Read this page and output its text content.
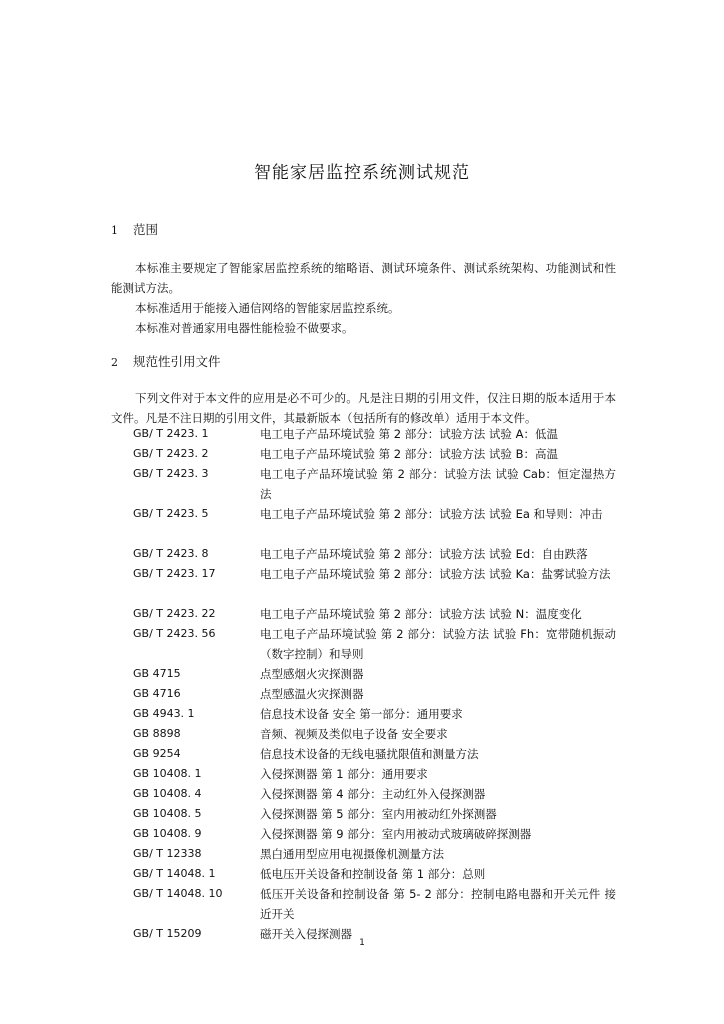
智能家居监控系统测试规范
1 范围
本标准主要规定了智能家居监控系统的缩略语、测试环境条件、测试系统架构、功能测试和性能测试方法。
本标准适用于能接入通信网络的智能家居监控系统。
本标准对普通家用电器性能检验不做要求。
2 规范性引用文件
下列文件对于本文件的应用是必不可少的。凡是注日期的引用文件，仅注日期的版本适用于本文件。凡是不注日期的引用文件，其最新版本（包括所有的修改单）适用于本文件。
GB/ T 2423. 1	电工电子产品环境试验 第 2 部分：试验方法 试验 A：低温
GB/ T 2423. 2	电工电子产品环境试验 第 2 部分：试验方法 试验 B：高温
GB/ T 2423. 3	电工电子产品环境试验 第 2 部分：试验方法 试验 Cab：恒定湿热方法
GB/ T 2423. 5	电工电子产品环境试验 第 2 部分：试验方法 试验 Ea 和导则：冲击
GB/ T 2423. 8	电工电子产品环境试验 第 2 部分：试验方法 试验 Ed：自由跌落
GB/ T 2423. 17	电工电子产品环境试验 第 2 部分：试验方法 试验 Ka：盐雾试验方法
GB/ T 2423. 22	电工电子产品环境试验 第 2 部分：试验方法 试验 N：温度变化
GB/ T 2423. 56	电工电子产品环境试验 第 2 部分：试验方法 试验 Fh：宽带随机振动（数字控制）和导则
GB 4715	点型感烟火灾探测器
GB 4716	点型感温火灾探测器
GB 4943. 1	信息技术设备 安全 第一部分：通用要求
GB 8898	音频、视频及类似电子设备 安全要求
GB 9254	信息技术设备的无线电骚扰限值和测量方法
GB 10408. 1	入侵探测器 第 1 部分：通用要求
GB 10408. 4	入侵探测器 第 4 部分：主动红外入侵探测器
GB 10408. 5	入侵探测器 第 5 部分：室内用被动红外探测器
GB 10408. 9	入侵探测器 第 9 部分：室内用被动式玻璃破碎探测器
GB/ T 12338	黑白通用型应用电视摄像机测量方法
GB/ T 14048. 1	低电压开关设备和控制设备 第 1 部分：总则
GB/ T 14048. 10	低压开关设备和控制设备 第 5- 2 部分：控制电路电器和开关元件 接近开关
GB/ T 15209	磁开关入侵探测器
1
